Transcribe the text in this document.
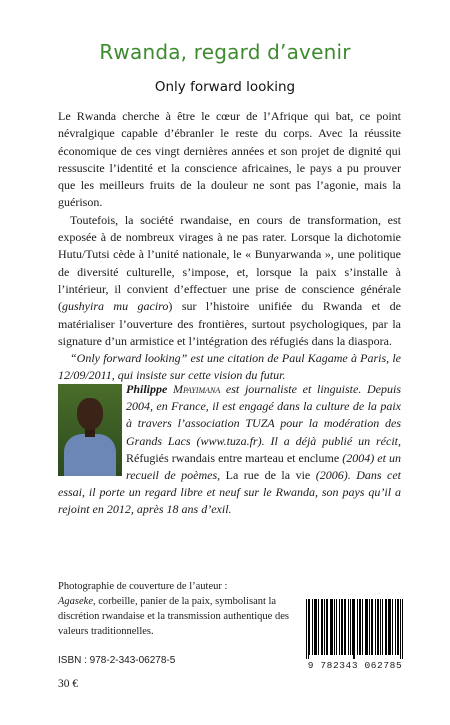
Rwanda, regard d’avenir
Only forward looking

Le Rwanda cherche à être le cœur de l’Afrique qui bat, ce point névralgique capable d’ébranler le reste du corps. Avec la réussite économique de ces vingt dernières années et son projet de dignité qui ressuscite l’identité et la conscience africaines, le pays a pu prouver que les meilleurs fruits de la douleur ne sont pas l’agonie, mais la guérison.

Toutefois, la société rwandaise, en cours de transformation, est exposée à de nombreux virages à ne pas rater. Lorsque la dichotomie Hutu/Tutsi cède à l’unité nationale, le « Bunyarwanda », une politique de diversité culturelle, s’impose, et, lorsque la paix s’installe à l’intérieur, il convient d’effectuer une prise de conscience générale (gushyira mu gaciro) sur l’histoire unifiée du Rwanda et de matérialiser l’ouverture des frontières, surtout psychologiques, par la signature d’un armistice et l’intégration des réfugiés dans la diaspora.

“Only forward looking” est une citation de Paul Kagame à Paris, le 12/09/2011, qui insiste sur cette vision du futur.

Philippe Mpayimana est journaliste et linguiste. Depuis 2004, en France, il est engagé dans la culture de la paix à travers l’association TUZA pour la modération des Grands Lacs (www.tuza.fr). Il a déjà publié un récit, Réfugiés rwandais entre marteau et enclume (2004) et un recueil de poèmes, La rue de la vie (2006). Dans cet essai, il porte un regard libre et neuf sur le Rwanda, son pays qu’il a rejoint en 2012, après 18 ans d’exil.
Photographie de couverture de l’auteur :
Agaseke, corbeille, panier de la paix, symbolisant la discrétion rwandaise et la transmission authentique des valeurs traditionnelles.
ISBN : 978-2-343-06278-5
30 €
9 782343 062785
